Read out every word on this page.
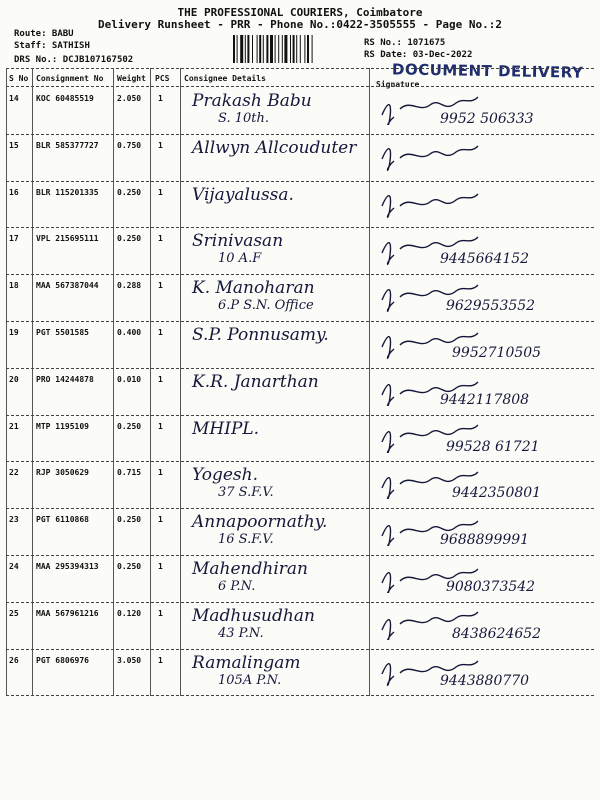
THE PROFESSIONAL COURIERS, Coimbatore
Delivery Runsheet - PRR - Phone No.:0422-3505555 - Page No.:2
Route: BABU
Staff: SATHISH
DRS No.: DCJB107167502
RS No.: 1071675
RS Date: 03-Dec-2022
DOCUMENT DELIVERY
S No Consignment No Weight PCS Consignee Details
Signature
14 KOC 60485519	2.050 1 Prakash Babu
S. 10th.	9952 506333
15 BLR 585377727 0.750 1 Allwyn Allcouduter
16 BLR 115201335 0.250 1 Vijayalussa.
17 VPL 215695111 0.250 1 Srinivasan
10 A.F	9445664152
18 MAA 567387044 0.288 1 K. Manoharan
6.P S.N. Office	9629553552
19 PGT 5501585	0.400 1 S.P. Ponnusamy.
9952710505
20 PRO 14244878	0.010 1 K.R. Janarthan
9442117808
21 MTP 1195109	0.250 1 MHIPL.
99528 61721
22 RJP 3050629	0.715 1 Yogesh.
37 S.F.V.	9442350801
23 PGT 6110868	0.250 1 Annapoornathy.
16 S.F.V.	9688899991
24 MAA 295394313 0.250 1 Mahendhiran
6 P.N.	9080373542
25 MAA 567961216 0.120 1 Madhusudhan
43 P.N.	8438624652
26 PGT 6806976	3.050 1 Ramalingam
105A P.N.	9443880770
